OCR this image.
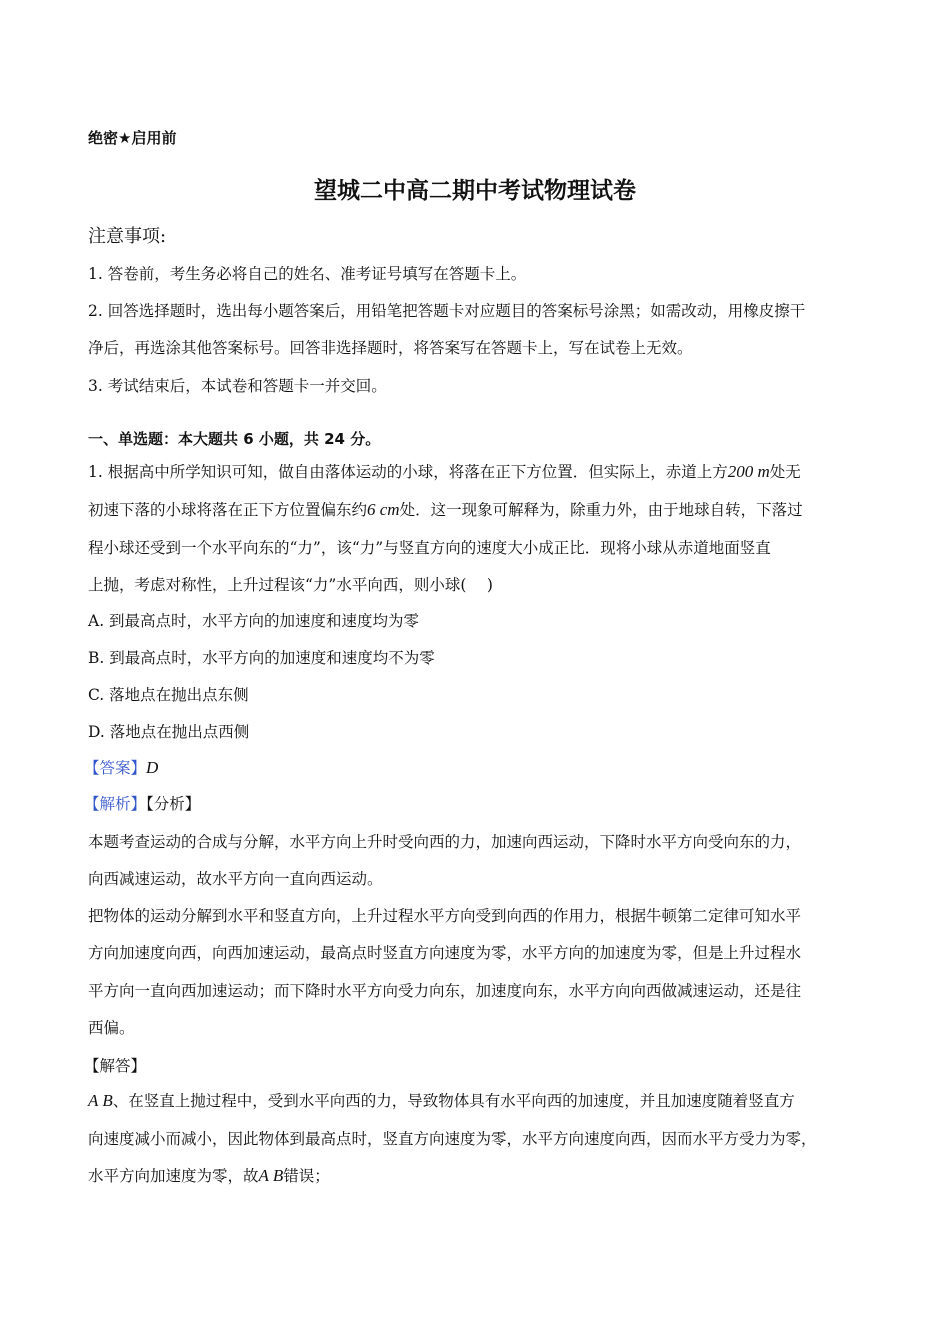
绝密★启用前
望城二中高二期中考试物理试卷
注意事项:
1. 答卷前，考生务必将自己的姓名、准考证号填写在答题卡上。
2. 回答选择题时，选出每小题答案后，用铅笔把答题卡对应题目的答案标号涂黑；如需改动，用橡皮擦干
净后，再选涂其他答案标号。回答非选择题时，将答案写在答题卡上，写在试卷上无效。
3. 考试结束后，本试卷和答题卡一并交回。
一、单选题：本大题共 6 小题，共 24 分。
1. 根据高中所学知识可知，做自由落体运动的小球，将落在正下方位置．但实际上，赤道上方200 m处无
初速下落的小球将落在正下方位置偏东约6 cm处．这一现象可解释为，除重力外，由于地球自转，下落过
程小球还受到一个水平向东的“力”，该“力”与竖直方向的速度大小成正比．现将小球从赤道地面竖直
上抛，考虑对称性，上升过程该“力”水平向西，则小球(　 )
A. 到最高点时，水平方向的加速度和速度均为零
B. 到最高点时，水平方向的加速度和速度均不为零
C. 落地点在抛出点东侧
D. 落地点在抛出点西侧
【答案】D
【解析】【分析】
本题考查运动的合成与分解，水平方向上升时受向西的力，加速向西运动，下降时水平方向受向东的力，
向西减速运动，故水平方向一直向西运动。
把物体的运动分解到水平和竖直方向，上升过程水平方向受到向西的作用力，根据牛顿第二定律可知水平
方向加速度向西，向西加速运动，最高点时竖直方向速度为零，水平方向的加速度为零，但是上升过程水
平方向一直向西加速运动；而下降时水平方向受力向东，加速度向东，水平方向向西做减速运动，还是往
西偏。
【解答】
A B、在竖直上抛过程中，受到水平向西的力，导致物体具有水平向西的加速度，并且加速度随着竖直方
向速度减小而减小，因此物体到最高点时，竖直方向速度为零，水平方向速度向西，因而水平方受力为零，
水平方向加速度为零，故A B错误；
